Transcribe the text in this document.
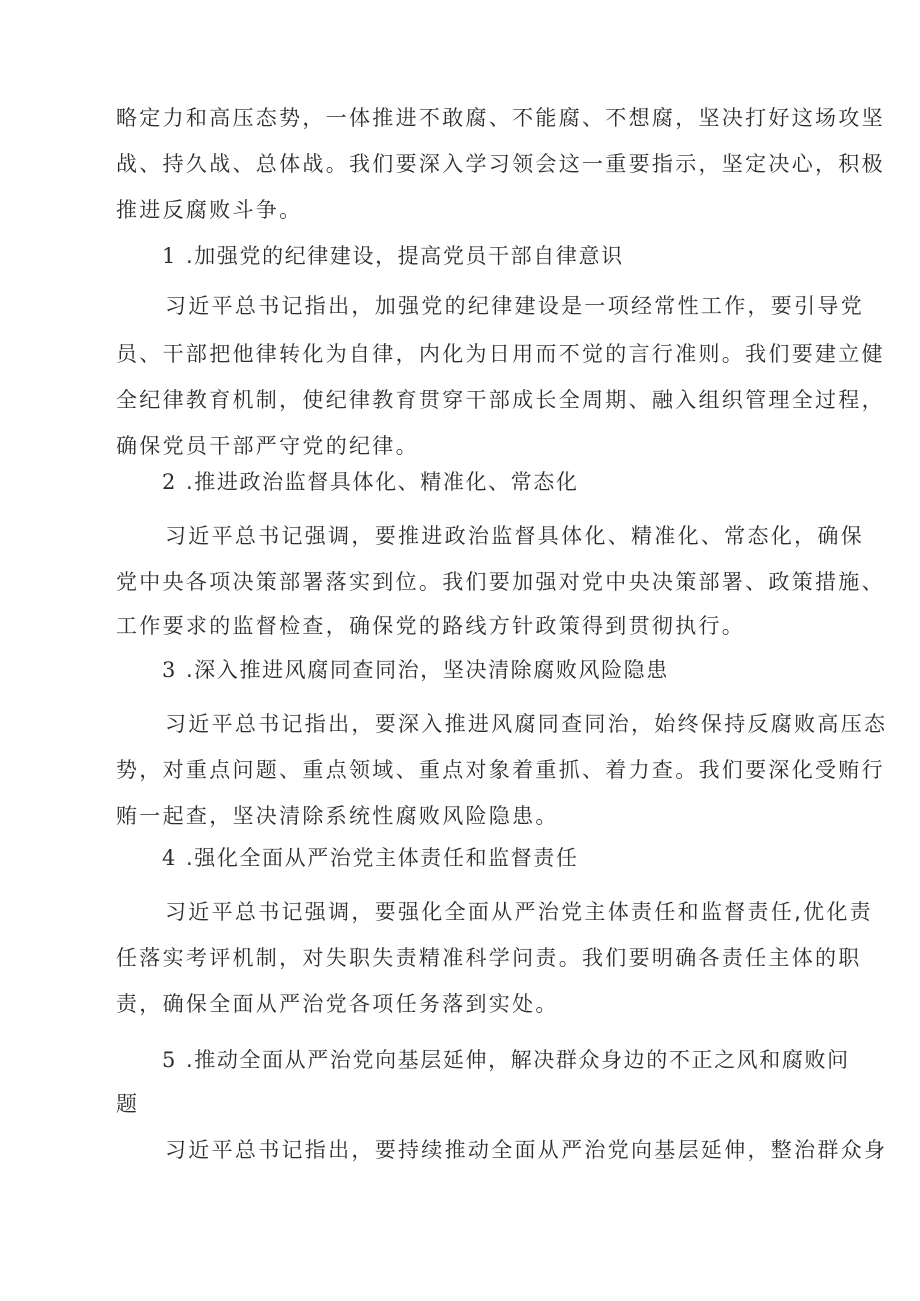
略定力和高压态势，一体推进不敢腐、不能腐、不想腐，坚决打好这场攻坚
战、持久战、总体战。我们要深入学习领会这一重要指示，坚定决心，积极
推进反腐败斗争。
1 .加强党的纪律建设，提高党员干部自律意识
习近平总书记指出，加强党的纪律建设是一项经常性工作，要引导党
员、干部把他律转化为自律，内化为日用而不觉的言行准则。我们要建立健
全纪律教育机制，使纪律教育贯穿干部成长全周期、融入组织管理全过程，
确保党员干部严守党的纪律。
2 .推进政治监督具体化、精准化、常态化
习近平总书记强调，要推进政治监督具体化、精准化、常态化，确保
党中央各项决策部署落实到位。我们要加强对党中央决策部署、政策措施、
工作要求的监督检查，确保党的路线方针政策得到贯彻执行。
3 .深入推进风腐同查同治，坚决清除腐败风险隐患
习近平总书记指出，要深入推进风腐同查同治，始终保持反腐败高压态
势，对重点问题、重点领域、重点对象着重抓、着力查。我们要深化受贿行
贿一起查，坚决清除系统性腐败风险隐患。
4 .强化全面从严治党主体责任和监督责任
习近平总书记强调，要强化全面从严治党主体责任和监督责任,优化责
任落实考评机制，对失职失责精准科学问责。我们要明确各责任主体的职
责，确保全面从严治党各项任务落到实处。
5 .推动全面从严治党向基层延伸，解决群众身边的不正之风和腐败问
题
习近平总书记指出，要持续推动全面从严治党向基层延伸，整治群众身
